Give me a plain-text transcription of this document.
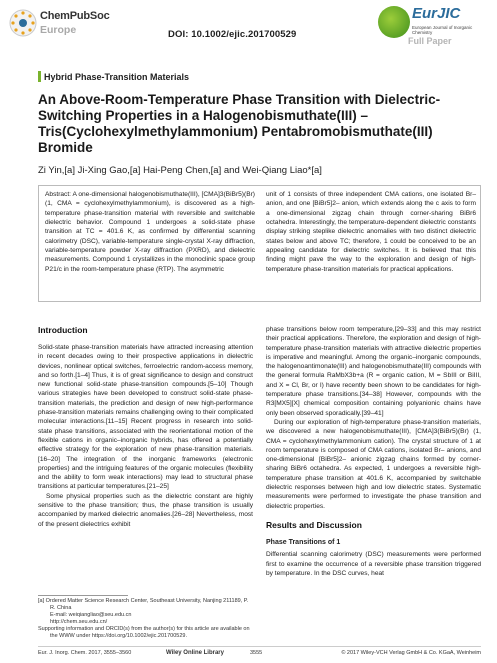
ChemPubSoc
Europe	DOI: 10.1002/ejic.201700529
EurJIC
European Journal of Inorganic Chemistry
Full Paper
Hybrid Phase-Transition Materials
An Above-Room-Temperature Phase Transition with Dielectric-Switching Properties in a Halogenobismuthate(III) – Tris(Cyclohexylmethylammonium) Pentabromobismuthate(III) Bromide
Zi Yin,[a] Ji-Xing Gao,[a] Hai-Peng Chen,[a] and Wei-Qiang Liao*[a]
Abstract: A one-dimensional halogenobismuthate(III), [CMA]3(BiBr5)(Br) (1, CMA = cyclohexylmethylammonium), is discovered as a high-temperature phase-transition material with reversible and switchable dielectric behavior. Compound 1 undergoes a solid-state phase transition at TC = 401.6 K, as confirmed by differential scanning calorimetry (DSC), variable-temperature single-crystal X-ray diffraction, variable-temperature powder X-ray diffraction (PXRD), and dielectric measurements. Compound 1 crystallizes in the monoclinic space group P21/c in the room-temperature phase (RTP). The asymmetric
unit of 1 consists of three independent CMA cations, one isolated Br– anion, and one [BiBr5]2– anion, which extends along the c axis to form a one-dimensional zigzag chain through corner-sharing BiBr6 octahedra. Interestingly, the temperature-dependent dielectric constants display striking steplike dielectric anomalies with two distinct dielectric states below and above TC; therefore, 1 could be conceived to be an appealing candidate for dielectric switches. It is believed that this finding might pave the way to the exploration and design of high-temperature phase-transition materials for practical applications.
Introduction

Solid-state phase-transition materials have attracted increasing attention in recent decades owing to their prospective applications in dielectric devices, nonlinear optical switches, ferroelectric random-access memory, and so forth.[1–4] Thus, it is of great significance to design and construct new functional solid-state phase-transition compounds.[5–10] Though various strategies have been developed to construct solid-state phase-transition materials, the prediction and design of new high-performance phase-transition materials remains challenging owing to their complicated molecular interactions.[11–15] Recent progress in research into solid-state phase transitions, associated with the reorientational motion of the flexible cations in organic–inorganic hybrids, has offered a potentially effective strategy for the exploration of new phase-transition materials.[16–20] The integration of the inorganic frameworks (electronic properties) and the intriguing features of the organic molecules (flexibility and the ability to form weak interactions) may lead to structural phase transitions at particular temperatures.[21–25]

Some physical properties such as the dielectric constant are highly sensitive to the phase transition; thus, the phase transition is usually accompanied by marked dielectric anomalies.[26–28] Nevertheless, most of the present dielectrics exhibit

phase transitions below room temperature,[29–33] and this may restrict their practical applications. Therefore, the exploration and design of high-temperature phase-transition materials with attractive dielectric properties is imperative and meaningful. Among the organic–inorganic compounds, the halogenoantimonate(III) and halogenobismuthate(III) compounds with the general formula RaMbX3b+a (R = organic cation, M = SbIII or BiIII, and X = Cl, Br, or I) have recently been shown to be candidates for high-temperature phase transitions.[34–38] However, compounds with the R3[MX5][X] chemical composition containing polyanionic chains have only been observed sporadically.[39–41]

During our exploration of high-temperature phase-transition materials, we discovered a new halogenobismuthate(III), [CMA]3(BiBr5)(Br) (1, CMA = cyclohexylmethylammonium cation). The crystal structure of 1 at room temperature is composed of CMA cations, isolated Br– anions, and one-dimensional [BiBr5]2– anionic zigzag chains formed by corner-sharing BiBr6 octahedra. As expected, 1 undergoes a reversible high-temperature phase transition at 401.6 K, accompanied by switchable dielectric responses between high and low dielectric states. Systematic measurements were performed to investigate the phase transition and dielectric properties.

Results and Discussion
Phase Transitions of 1

Differential scanning calorimetry (DSC) measurements were performed first to examine the occurrence of a reversible phase transition triggered by temperature. In the DSC curves, heat

[a] Ordered Matter Science Research Center, Southeast University, Nanjing 211189, P. R. China
E-mail: weiqiangliao@seu.edu.cn
http://chem.seu.edu.cn/
Supporting information and ORCID(s) from the author(s) for this article are available on the WWW under https://doi.org/10.1002/ejic.201700529.
Eur. J. Inorg. Chem. 2017, 3555–3560	Wiley Online Library	3555	© 2017 Wiley-VCH Verlag GmbH & Co. KGaA, Weinheim
